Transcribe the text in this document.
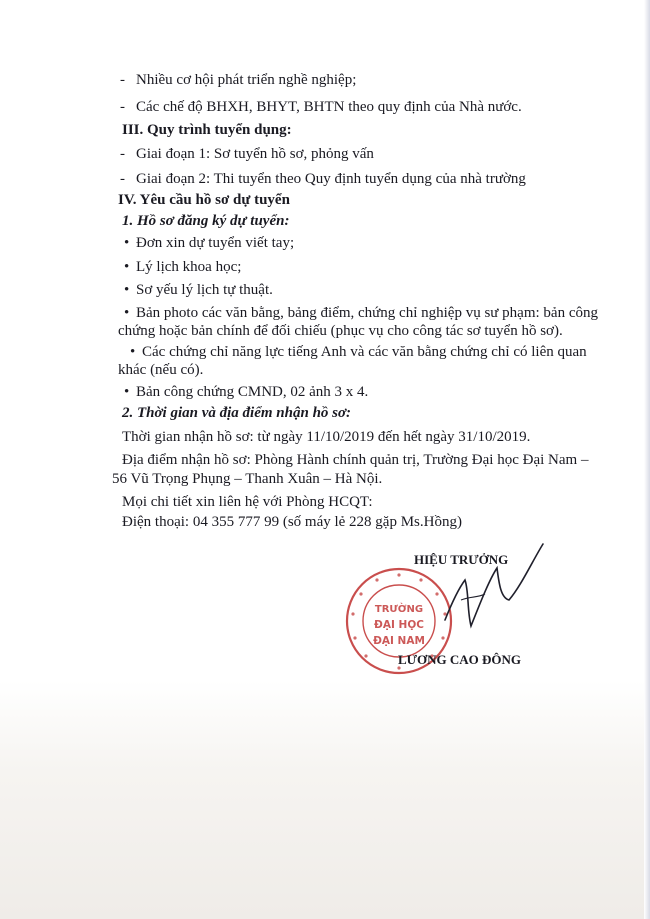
- Nhiều cơ hội phát triển nghề nghiệp;
- Các chế độ BHXH, BHYT, BHTN theo quy định của Nhà nước.
III. Quy trình tuyển dụng:
- Giai đoạn 1: Sơ tuyển hồ sơ, phỏng vấn
- Giai đoạn 2: Thi tuyển theo Quy định tuyển dụng của nhà trường
IV. Yêu cầu hồ sơ dự tuyển
1. Hồ sơ đăng ký dự tuyển:
• Đơn xin dự tuyển viết tay;
• Lý lịch khoa học;
• Sơ yếu lý lịch tự thuật.
• Bản photo các văn bằng, bảng điểm, chứng chỉ nghiệp vụ sư phạm: bản công
chứng hoặc bản chính để đối chiếu (phục vụ cho công tác sơ tuyển hồ sơ).
• Các chứng chỉ năng lực tiếng Anh và các văn bằng chứng chỉ có liên quan
khác (nếu có).
• Bản công chứng CMND, 02 ảnh 3 x 4.
2. Thời gian và địa điểm nhận hồ sơ:
Thời gian nhận hồ sơ: từ ngày 11/10/2019 đến hết ngày 31/10/2019.
Địa điểm nhận hồ sơ: Phòng Hành chính quản trị, Trường Đại học Đại Nam –
56 Vũ Trọng Phụng – Thanh Xuân – Hà Nội.
Mọi chi tiết xin liên hệ với Phòng HCQT:
Điện thoại: 04 355 777 99 (số máy lẻ 228 gặp Ms.Hồng)
HIỆU TRƯỞNG
TRƯỜNG
ĐẠI HỌC
ĐẠI NAM
LƯƠNG CAO ĐÔNG
